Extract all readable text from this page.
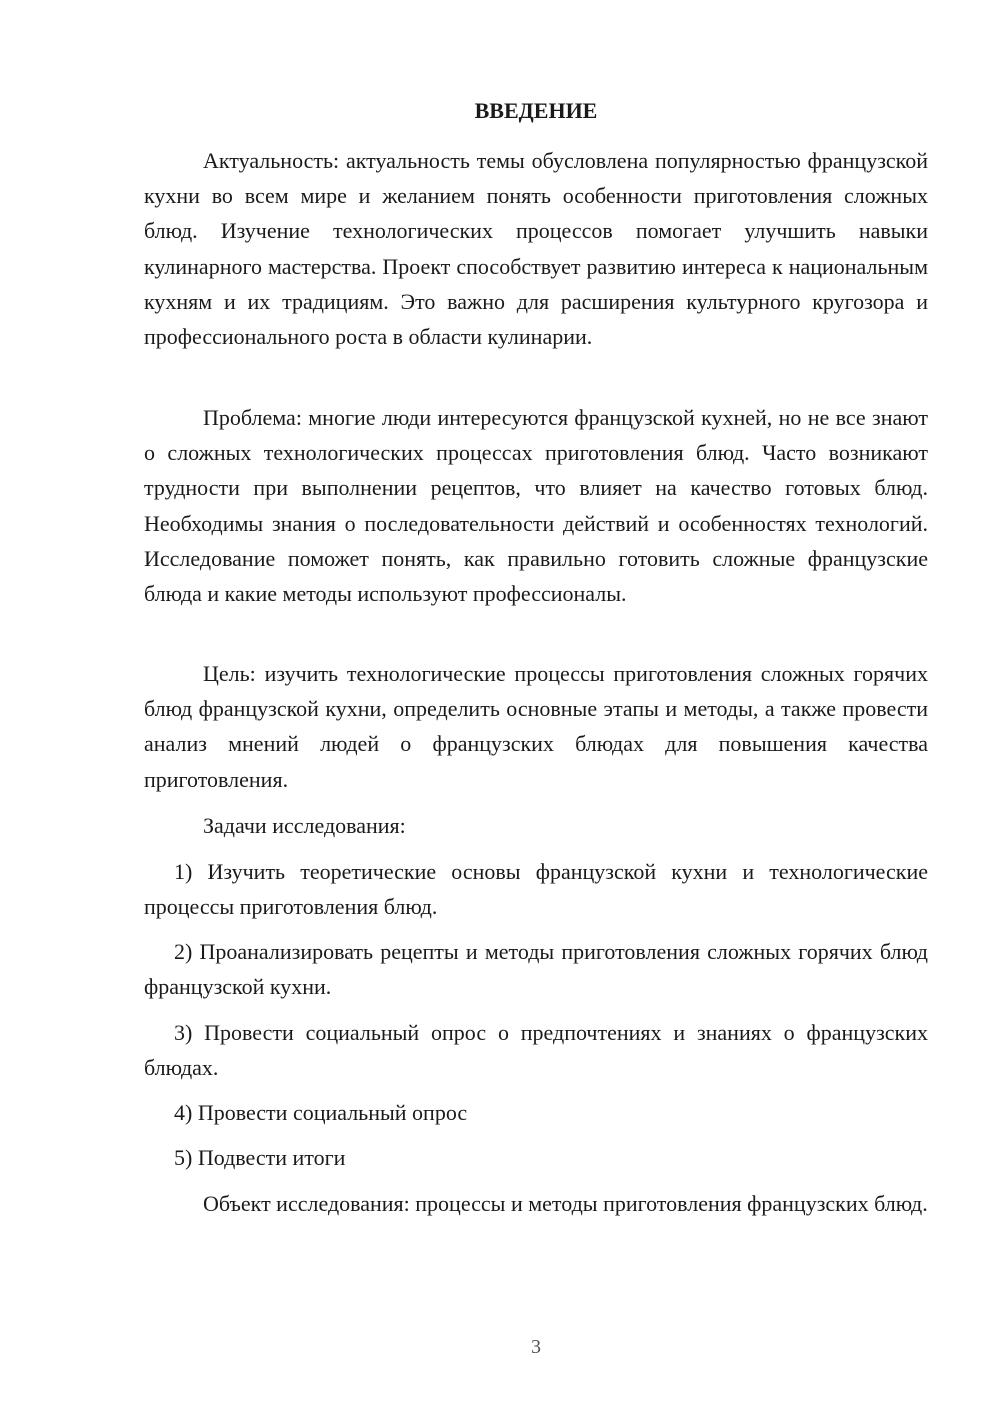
ВВЕДЕНИЕ

Актуальность: актуальность темы обусловлена популярностью французской кухни во всем мире и желанием понять особенности приготовления сложных блюд. Изучение технологических процессов помогает улучшить навыки кулинарного мастерства. Проект способствует развитию интереса к национальным кухням и их традициям. Это важно для расширения культурного кругозора и профессионального роста в области кулинарии.

Проблема: многие люди интересуются французской кухней, но не все знают о сложных технологических процессах приготовления блюд. Часто возникают трудности при выполнении рецептов, что влияет на качество готовых блюд. Необходимы знания о последовательности действий и особенностях технологий. Исследование поможет понять, как правильно готовить сложные французские блюда и какие методы используют профессионалы.

Цель: изучить технологические процессы приготовления сложных горячих блюд французской кухни, определить основные этапы и методы, а также провести анализ мнений людей о французских блюдах для повышения качества приготовления.

Задачи исследования:

1) Изучить теоретические основы французской кухни и технологические процессы приготовления блюд.

2) Проанализировать рецепты и методы приготовления сложных горячих блюд французской кухни.

3) Провести социальный опрос о предпочтениях и знаниях о французских блюдах.

4) Провести социальный опрос

5) Подвести итоги

Объект исследования: процессы и методы приготовления французских блюд.

3
